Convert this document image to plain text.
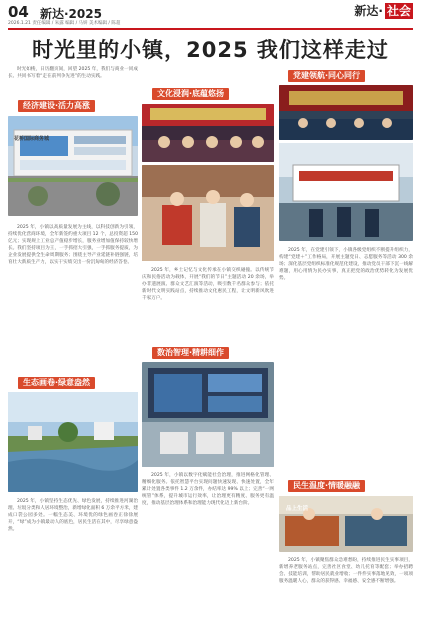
04 新达·2025
2026.1.21 责任编辑 / 朱露 编辑 / 马妍 美术编辑 / 陈超
新达· 社会
时光里的小镇，2025 我们这样走过

时光如梭，日历翻页间，回望 2025 年，我们与商业一同成长、共同书写着“走在前列争先进”的生动实践。

经济建设·活力高涨
花桥国际商务城

2025 年，小镇以高质量发展为主线，以科技创新为引领，持续优化营商环境，全年新签约重大项目 12 个，总投资超 150 亿元；实现规上工业总产值稳步增长，服务业增加值保持较快增长。我们坚持项目为王，一手抓招大引强，一手抓服务提质，为企业发展提供全生命周期服务；围绕主导产业延链补链强链，培育壮大新质生产力，以实干实绩交出一份沉甸甸的经济答卷。

生态画卷·绿意盎然

2025 年，小镇坚持生态优先、绿色发展，持续推进河湖治理、垃圾分类和人居环境整治，新增绿化面积 6 万余平方米，建成口袋公园多处。一幅生态美、环境优的绿色画卷正徐徐展开，“绿”成为小镇最动人的底色，居民生活在其中，尽享绿意盎然。

文化浸润·底蕴悠扬

2025 年，乡土记忆与文化传承在小镇交织碰撞。以传统节庆和民俗活动为载体，开展“我们的节日”主题活动 20 余场，举办非遗展演、群众文艺汇演等活动，吸引数千名群众参与；依托新时代文明实践站点，持续推动文化惠民工程，让文明新风吹进千家万户。

数治智理·精耕细作

2025 年，小镇以数字化赋能社会治理，推进网格化管理、精细化服务。依托智慧平台实现问题快速发现、快速处置，全年累计处置各类事件 1.2 万余件，办结率达 99% 以上；完善“一网统管”体系，提升城市运行效率，让治理更有精度、服务更有温度，推动基层治理体系和治理能力现代化迈上新台阶。

党建领航·同心同行

2025 年，在党建引领下，小镇各级党组织不断提升组织力，构建“党建＋”工作格局，开展主题党日、志愿服务等活动 300 余场；深化基层党组织标准化规范化建设，推动党员干部下沉一线解难题，用心用情为民办实事，真正把党的政治优势转化为发展优势。

民生温度·情暖融融
品上生活

2025 年，小镇聚焦群众急难愁盼，持续推进民生实事项目，新增养老服务站点，完善社区食堂、幼儿托育等配套；举办招聘会、技能培训，帮助居民就业增收；一件件实事落地见效，一项项服务温暖人心，群众的获得感、幸福感、安全感不断增强。
